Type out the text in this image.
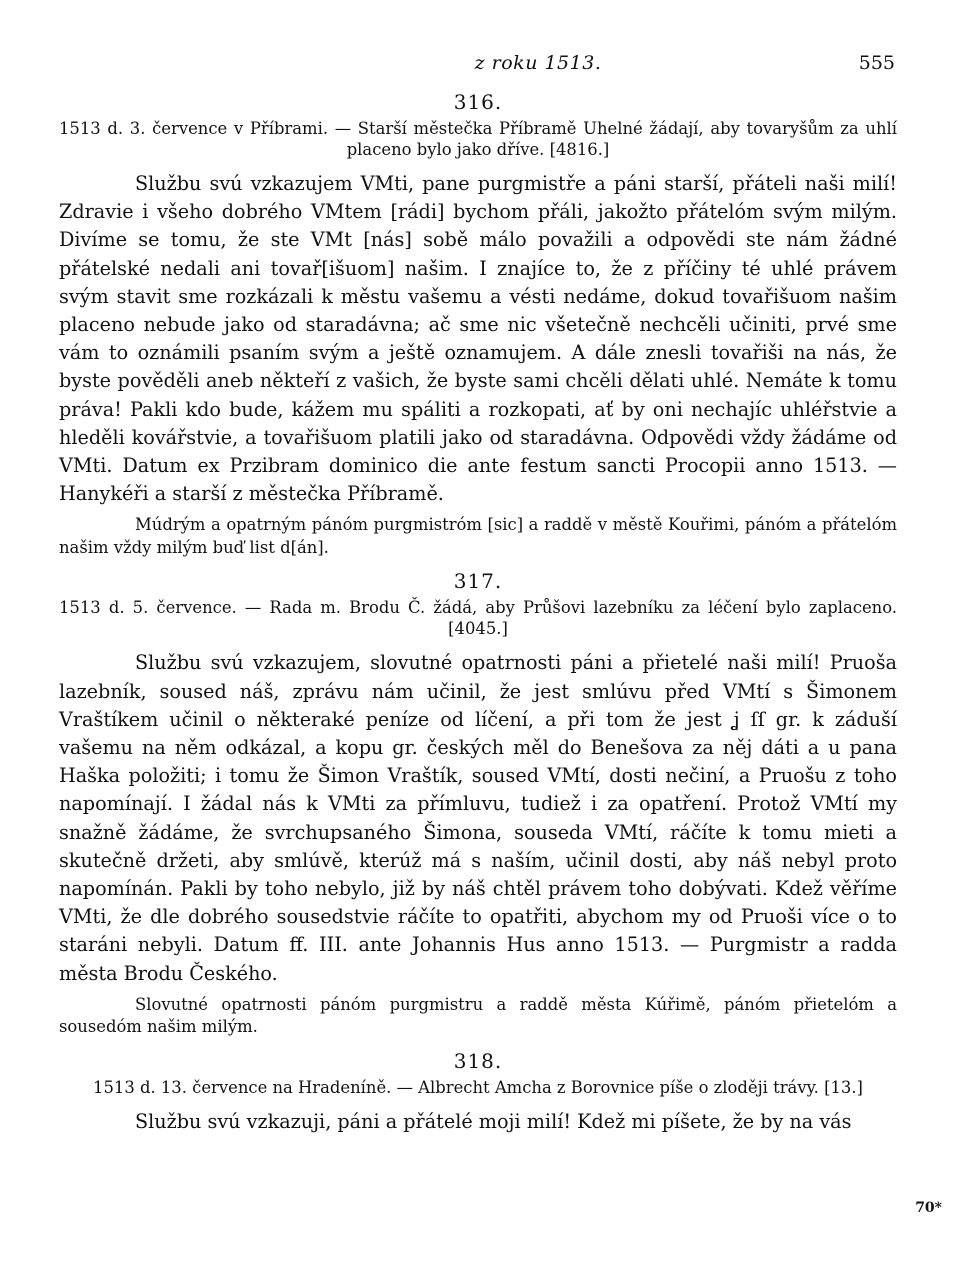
z roku 1513.	555
316.

1513 d. 3. července v Příbrami. — Starší městečka Příbramě Uhelné žádají, aby tovaryšům za uhlí placeno bylo jako dříve. [4816.]

Službu svú vzkazujem VMti, pane purgmistře a páni starší, přáteli naši milí! Zdravie i všeho dobrého VMtem [rádi] bychom přáli, jakožto přátelóm svým milým. Divíme se tomu, že ste VMt [nás] sobě málo považili a odpovědi ste nám žádné přátelské nedali ani tovař[išuom] našim. I znajíce to, že z příčiny té uhlé právem svým stavit sme rozkázali k městu vašemu a vésti nedáme, dokud tovařišuom našim placeno nebude jako od staradávna; ač sme nic všetečně nechcěli učiniti, prvé sme vám to oznámili psaním svým a ještě oznamujem. A dále znesli tovařiši na nás, že byste pověděli aneb někteří z vašich, že byste sami chcěli dělati uhlé. Nemáte k tomu práva! Pakli kdo bude, kážem mu spáliti a rozkopati, ať by oni nechajíc uhléřstvie a hleděli kovářstvie, a tovařišuom platili jako od staradávna. Odpovědi vždy žádáme od VMti. Datum ex Przibram dominico die ante festum sancti Procopii anno 1513. — Hanykéři a starší z městečka Příbramě.

Múdrým a opatrným pánóm purgmistróm [sic] a raddě v městě Kouřimi, pánóm a přátelóm našim vždy milým buď list d[án].

317.

1513 d. 5. července. — Rada m. Brodu Č. žádá, aby Průšovi lazebníku za léčení bylo zaplaceno. [4045.]

Službu svú vzkazujem, slovutné opatrnosti páni a přietelé naši milí! Pruoša lazebník, soused náš, zprávu nám učinil, že jest smlúvu před VMtí s Šimonem Vraštíkem učinil o některaké peníze od líčení, a při tom že jest ʝ ſſ gr. k záduší vašemu na něm odkázal, a kopu gr. českých měl do Benešova za něj dáti a u pana Haška položiti; i tomu že Šimon Vraštík, soused VMtí, dosti nečiní, a Pruošu z toho napomínají. I žádal nás k VMti za přímluvu, tudiež i za opatření. Protož VMtí my snažně žádáme, že svrchupsaného Šimona, souseda VMtí, ráčíte k tomu mieti a skutečně držeti, aby smlúvě, kterúž má s naším, učinil dosti, aby náš nebyl proto napomínán. Pakli by toho nebylo, již by náš chtěl právem toho dobývati. Kdež věříme VMti, že dle dobrého sousedstvie ráčíte to opatřiti, abychom my od Pruoši více o to staráni nebyli. Datum ff. III. ante Johannis Hus anno 1513. — Purgmistr a radda města Brodu Českého.

Slovutné opatrnosti pánóm purgmistru a raddě města Kúřimě, pánóm přietelóm a sousedóm našim milým.

318.

1513 d. 13. července na Hradeníně. — Albrecht Amcha z Borovnice píše o zloději trávy. [13.]

Službu svú vzkazuji, páni a přátelé moji milí! Kdež mi píšete, že by na vás

70*
